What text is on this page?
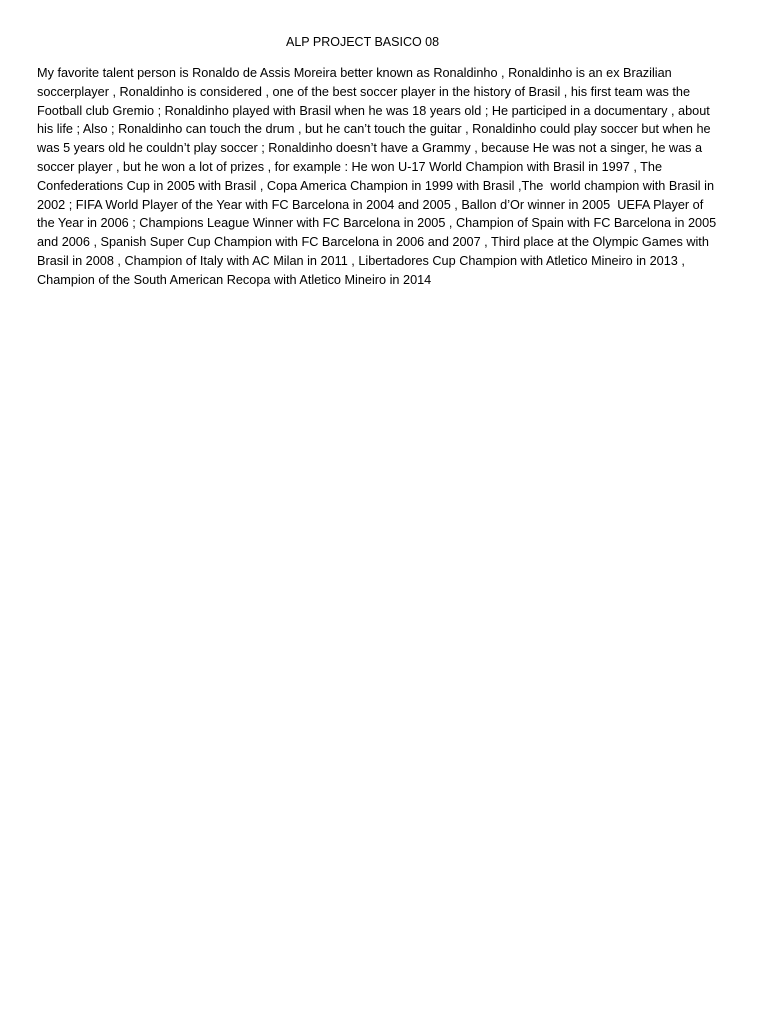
ALP PROJECT BASICO 08
My favorite talent person is Ronaldo de Assis Moreira better known as Ronaldinho , Ronaldinho is an ex Brazilian
soccerplayer , Ronaldinho is considered , one of the best soccer player in the history of Brasil , his first team was the
Football club Gremio ; Ronaldinho played with Brasil when he was 18 years old ; He participed in a documentary , about
his life ; Also ; Ronaldinho can touch the drum , but he can’t touch the guitar , Ronaldinho could play soccer but when he
was 5 years old he couldn’t play soccer ; Ronaldinho doesn’t have a Grammy , because He was not a singer, he was a
soccer player , but he won a lot of prizes , for example : He won U-17 World Champion with Brasil in 1997 , The
Confederations Cup in 2005 with Brasil , Copa America Champion in 1999 with Brasil ,The  world champion with Brasil in
2002 ; FIFA World Player of the Year with FC Barcelona in 2004 and 2005 , Ballon d’Or winner in 2005  UEFA Player of
the Year in 2006 ; Champions League Winner with FC Barcelona in 2005 , Champion of Spain with FC Barcelona in 2005
and 2006 , Spanish Super Cup Champion with FC Barcelona in 2006 and 2007 , Third place at the Olympic Games with
Brasil in 2008 , Champion of Italy with AC Milan in 2011 , Libertadores Cup Champion with Atletico Mineiro in 2013 ,
Champion of the South American Recopa with Atletico Mineiro in 2014
